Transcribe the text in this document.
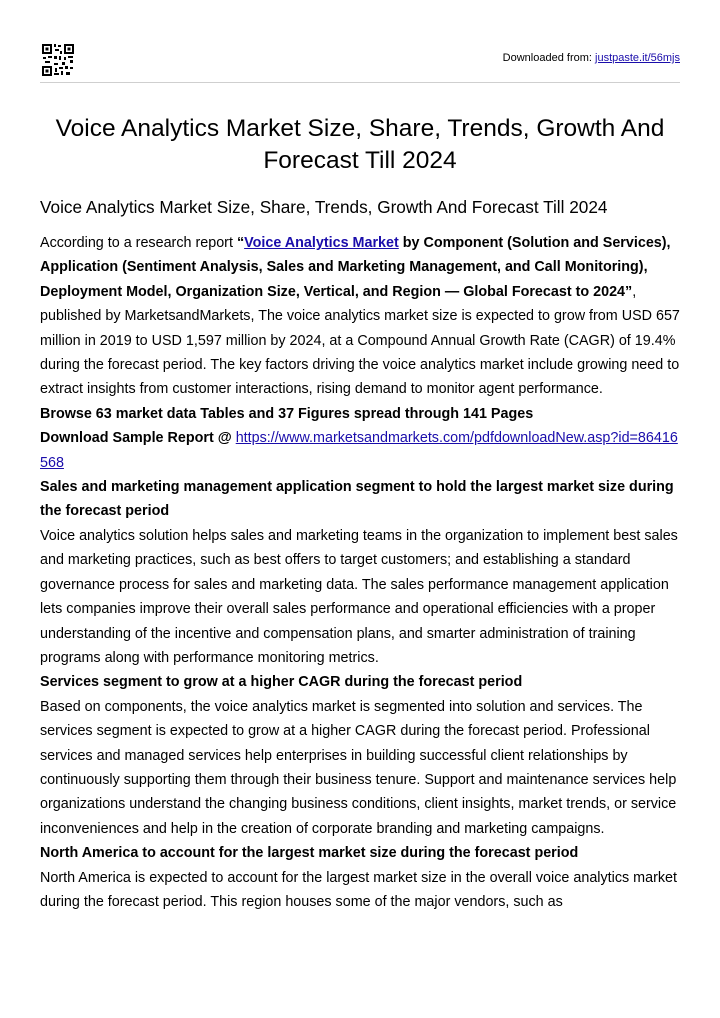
Downloaded from: justpaste.it/56mjs
Voice Analytics Market Size, Share, Trends, Growth And Forecast Till 2024
Voice Analytics Market Size, Share, Trends, Growth And Forecast Till 2024

According to a research report “Voice Analytics Market by Component (Solution and Services), Application (Sentiment Analysis, Sales and Marketing Management, and Call Monitoring), Deployment Model, Organization Size, Vertical, and Region — Global Forecast to 2024”, published by MarketsandMarkets, The voice analytics market size is expected to grow from USD 657 million in 2019 to USD 1,597 million by 2024, at a Compound Annual Growth Rate (CAGR) of 19.4% during the forecast period. The key factors driving the voice analytics market include growing need to extract insights from customer interactions, rising demand to monitor agent performance.

Browse 63 market data Tables and 37 Figures spread through 141 Pages

Download Sample Report @ https://www.marketsandmarkets.com/pdfdownloadNew.asp?id=86416568

Sales and marketing management application segment to hold the largest market size during the forecast period

Voice analytics solution helps sales and marketing teams in the organization to implement best sales and marketing practices, such as best offers to target customers; and establishing a standard governance process for sales and marketing data. The sales performance management application lets companies improve their overall sales performance and operational efficiencies with a proper understanding of the incentive and compensation plans, and smarter administration of training programs along with performance monitoring metrics.

Services segment to grow at a higher CAGR during the forecast period

Based on components, the voice analytics market is segmented into solution and services. The services segment is expected to grow at a higher CAGR during the forecast period. Professional services and managed services help enterprises in building successful client relationships by continuously supporting them through their business tenure. Support and maintenance services help organizations understand the changing business conditions, client insights, market trends, or service inconveniences and help in the creation of corporate branding and marketing campaigns.

North America to account for the largest market size during the forecast period

North America is expected to account for the largest market size in the overall voice analytics market during the forecast period. This region houses some of the major vendors, such as
